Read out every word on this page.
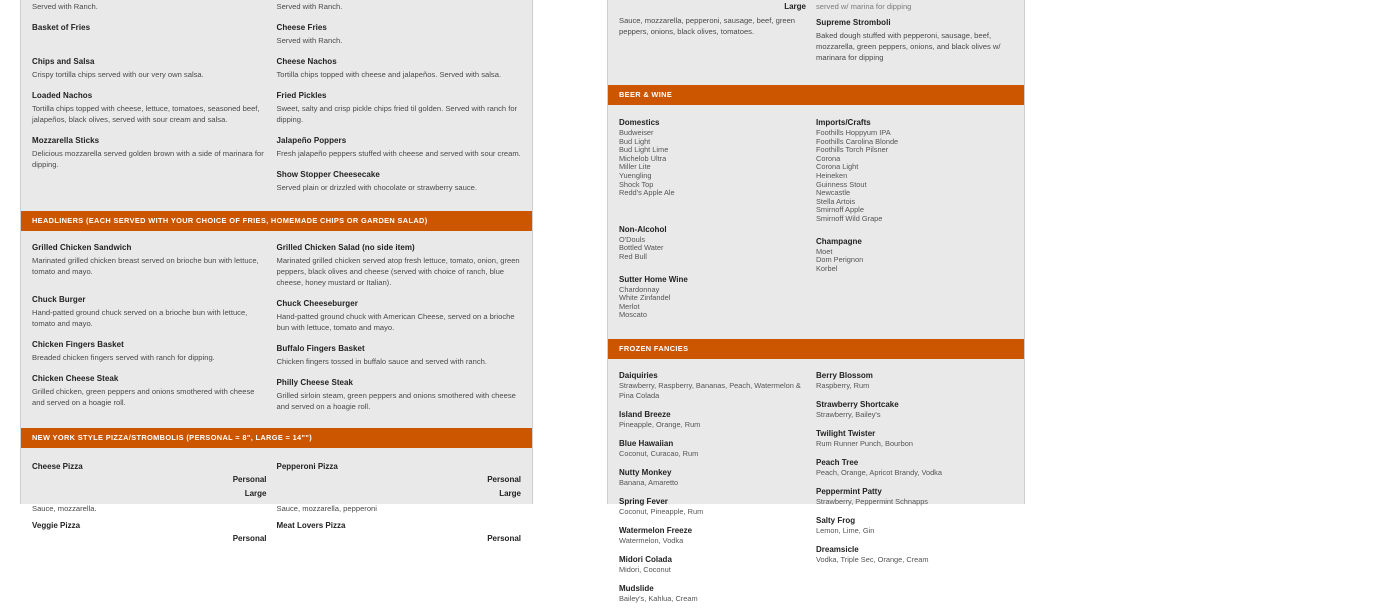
Served with Ranch.	Served with Ranch.
Basket of Fries
Chips and Salsa
Crispy tortilla chips served with our very own salsa.
Loaded Nachos
Tortilla chips topped with cheese, lettuce, tomatoes, seasoned beef, jalapeños, black olives, served with sour cream and salsa.
Mozzarella Sticks
Delicious mozzarella served golden brown with a side of marinara for dipping.
Cheese Fries
Served with Ranch.
Cheese Nachos
Tortilla chips topped with cheese and jalapeños. Served with salsa.
Fried Pickles
Sweet, salty and crisp pickle chips fried til golden. Served with ranch for dipping.
Jalapeño Poppers
Fresh jalapeño peppers stuffed with cheese and served with sour cream.
Show Stopper Cheesecake
Served plain or drizzled with chocolate or strawberry sauce.
HEADLINERS (EACH SERVED WITH YOUR CHOICE OF FRIES, HOMEMADE CHIPS OR GARDEN SALAD)
Grilled Chicken Sandwich
Marinated grilled chicken breast served on brioche bun with lettuce, tomato and mayo.
Chuck Burger
Hand-patted ground chuck served on a brioche bun with lettuce, tomato and mayo.
Chicken Fingers Basket
Breaded chicken fingers served with ranch for dipping.
Chicken Cheese Steak
Grilled chicken, green peppers and onions smothered with cheese and served on a hoagie roll.
Grilled Chicken Salad (no side item)
Marinated grilled chicken served atop fresh lettuce, tomato, onion, green peppers, black olives and cheese (served with choice of ranch, blue cheese, honey mustard or Italian).
Chuck Cheeseburger
Hand-patted ground chuck with American Cheese, served on a brioche bun with lettuce, tomato and mayo.
Buffalo Fingers Basket
Chicken fingers tossed in buffalo sauce and served with ranch.
Philly Cheese Steak
Grilled sirloin steam, green peppers and onions smothered with cheese and served on a hoagie roll.
NEW YORK STYLE PIZZA/STROMBOLIS (PERSONAL = 8", LARGE = 14"")
Cheese Pizza
Personal
Large
Sauce, mozzarella.
Veggie Pizza
Personal
Pepperoni Pizza
Personal
Large
Sauce, mozzarella, pepperoni
Meat Lovers Pizza
Personal
Large
Sauce, mozzarella, pepperoni, sausage, beef, green peppers, onions, black olives, tomatoes.
served w/ marina for dipping
Supreme Stromboli
Baked dough stuffed with pepperoni, sausage, beef, mozzarella, green peppers, onions, and black olives w/ marinara for dipping
BEER & WINE
Domestics
Budweiser
Bud Light
Bud Light Lime
Michelob Ultra
Miller Lite
Yuengling
Shock Top
Redd's Apple Ale
Non-Alcohol
O'Douls
Bottled Water
Red Bull
Sutter Home Wine
Chardonnay
White Zinfandel
Merlot
Moscato
Imports/Crafts
Foothills Hoppyum IPA
Foothills Carolina Blonde
Foothills Torch Pilsner
Corona
Corona Light
Heineken
Guinness Stout
Newcastle
Stella Artois
Smirnoff Apple
Smirnoff Wild Grape
Champagne
Moet
Dom Perignon
Korbel
FROZEN FANCIES
Daiquiries
Strawberry, Raspberry, Bananas, Peach, Watermelon & Pina Colada
Island Breeze
Pineapple, Orange, Rum
Blue Hawaiian
Coconut, Curacao, Rum
Nutty Monkey
Banana, Amaretto
Spring Fever
Coconut, Pineapple, Rum
Watermelon Freeze
Watermelon, Vodka
Midori Colada
Midori, Coconut
Mudslide
Bailey's, Kahlua, Cream
Berry Blossom
Raspberry, Rum
Strawberry Shortcake
Strawberry, Bailey's
Twilight Twister
Rum Runner Punch, Bourbon
Peach Tree
Peach, Orange, Apricot Brandy, Vodka
Peppermint Patty
Strawberry, Peppermint Schnapps
Salty Frog
Lemon, Lime, Gin
Dreamsicle
Vodka, Triple Sec, Orange, Cream
